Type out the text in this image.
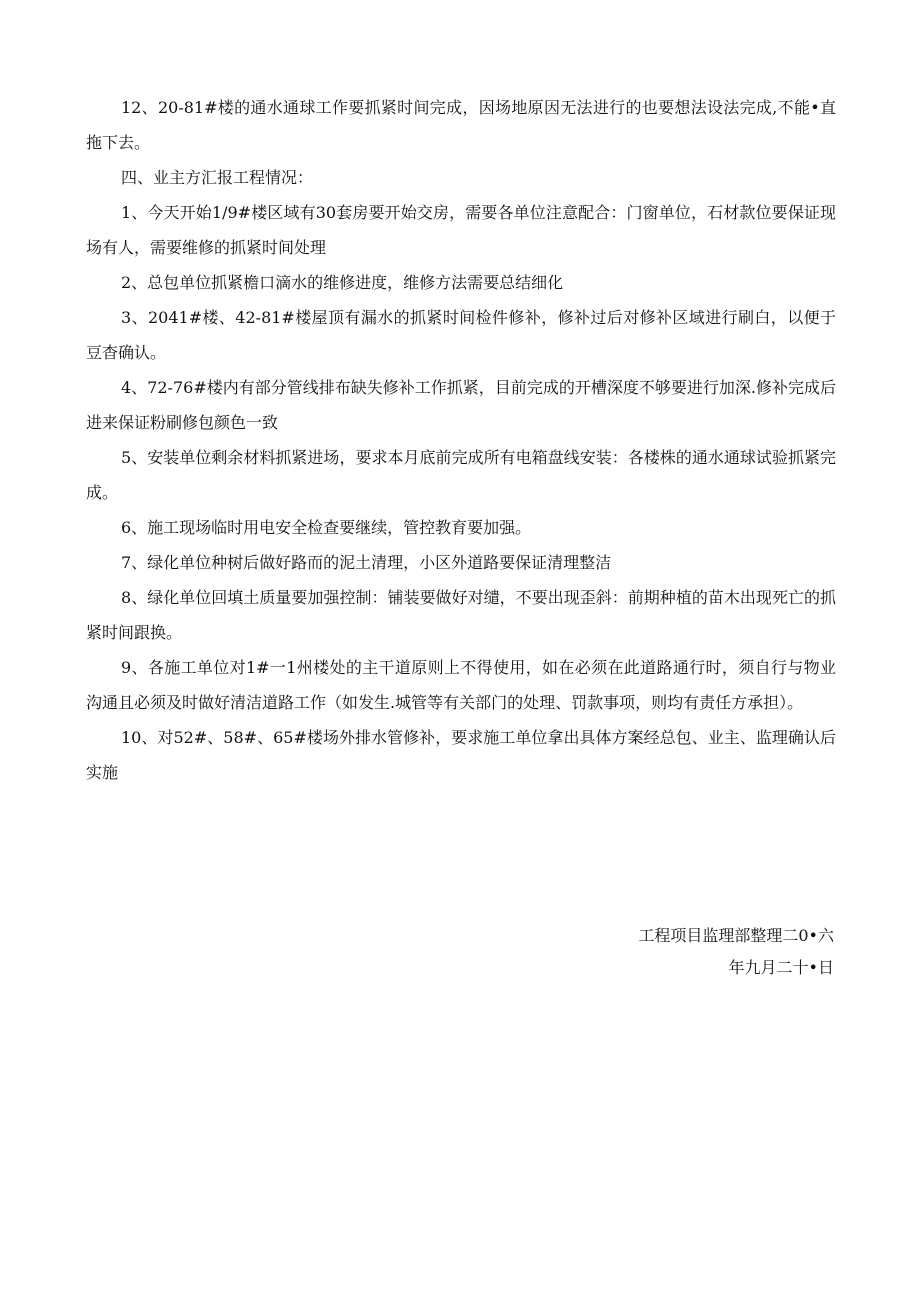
12、20-81#楼的通水通球工作要抓紧时间完成，因场地原因无法进行的也要想法设法完成,不能•直拖下去。

四、业主方汇报工程情况：

1、今天开始1/9#楼区域有30套房要开始交房，需要各单位注意配合：门窗单位，石材款位要保证现场有人，需要维修的抓紧时间处理

2、总包单位抓紧檐口滴水的维修进度，维修方法需要总结细化

3、2041#楼、42-81#楼屋顶有漏水的抓紧时间检件修补，修补过后对修补区域进行刷白，以便于豆杳确认。

4、72-76#楼内有部分管线排布缺失修补工作抓紧，目前完成的开槽深度不够要进行加深.修补完成后进来保证粉刷修包颜色一致

5、安装单位剩余材料抓紧进场，要求本月底前完成所有电箱盘线安装：各楼株的通水通球试验抓紧完成。

6、施工现场临时用电安全检查要继续，管控教育要加强。

7、绿化单位种树后做好路而的泥土清理，小区外道路要保证清理整洁

8、绿化单位回填土质量要加强控制：铺装要做好对缱，不要出现歪斜：前期种植的苗木出现死亡的抓紧时间跟换。

9、各施工单位对1#一1州楼处的主干道原则上不得使用，如在必须在此道路通行时，须自行与物业沟通且必须及时做好清洁道路工作（如发生.城管等有关部门的处理、罚款事项，则均有责任方承担）。

10、对52#、58#、65#楼场外排水管修补，要求施工单位拿出具体方案经总包、业主、监理确认后实施

工程项目监理部整理二0•六
年九月二十•日
